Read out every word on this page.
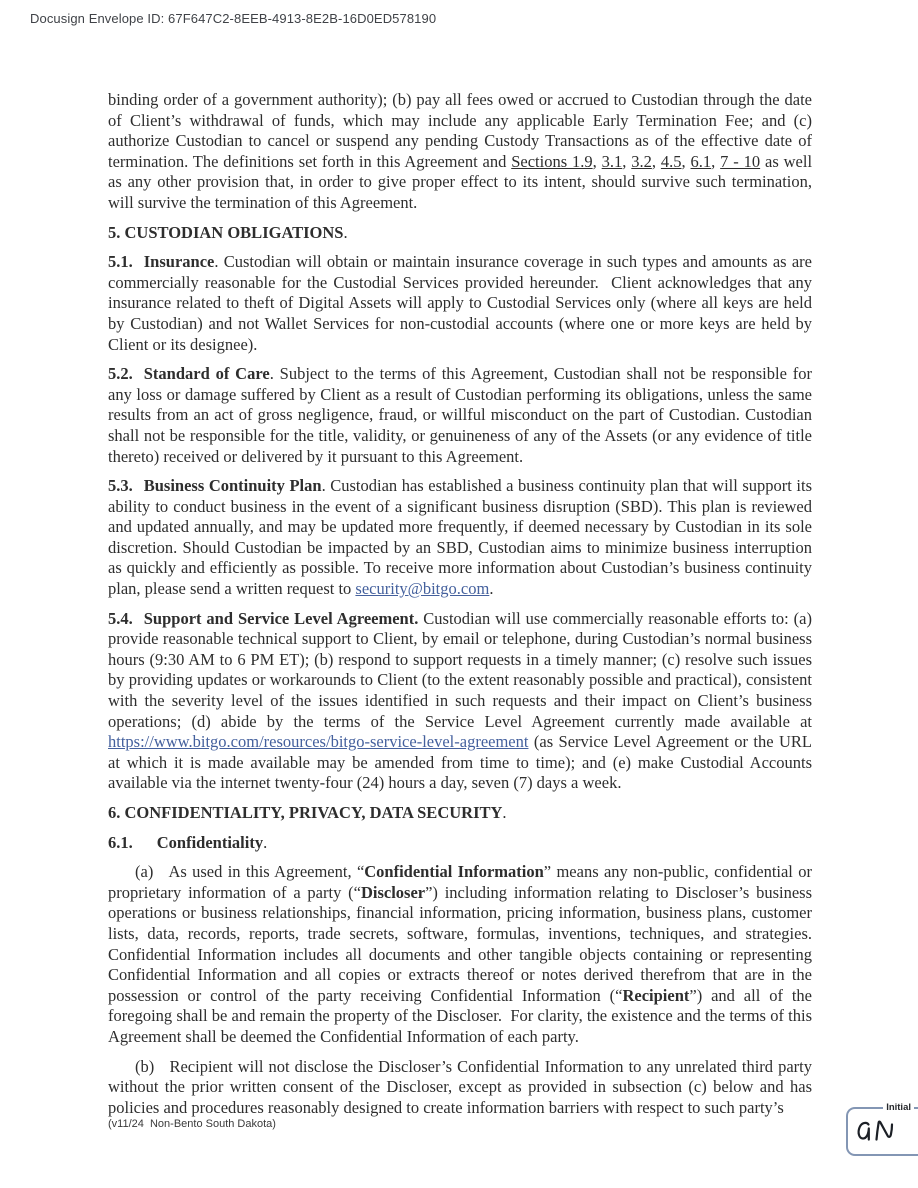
Docusign Envelope ID: 67F647C2-8EEB-4913-8E2B-16D0ED578190

binding order of a government authority); (b) pay all fees owed or accrued to Custodian through the date of Client’s withdrawal of funds, which may include any applicable Early Termination Fee; and (c) authorize Custodian to cancel or suspend any pending Custody Transactions as of the effective date of termination. The definitions set forth in this Agreement and Sections 1.9, 3.1, 3.2, 4.5, 6.1, 7 - 10 as well as any other provision that, in order to give proper effect to its intent, should survive such termination, will survive the termination of this Agreement.

5. CUSTODIAN OBLIGATIONS.

5.1. Insurance. Custodian will obtain or maintain insurance coverage in such types and amounts as are commercially reasonable for the Custodial Services provided hereunder.  Client acknowledges that any insurance related to theft of Digital Assets will apply to Custodial Services only (where all keys are held by Custodian) and not Wallet Services for non-custodial accounts (where one or more keys are held by Client or its designee).

5.2. Standard of Care. Subject to the terms of this Agreement, Custodian shall not be responsible for any loss or damage suffered by Client as a result of Custodian performing its obligations, unless the same results from an act of gross negligence, fraud, or willful misconduct on the part of Custodian. Custodian shall not be responsible for the title, validity, or genuineness of any of the Assets (or any evidence of title thereto) received or delivered by it pursuant to this Agreement.

5.3. Business Continuity Plan. Custodian has established a business continuity plan that will support its ability to conduct business in the event of a significant business disruption (SBD). This plan is reviewed and updated annually, and may be updated more frequently, if deemed necessary by Custodian in its sole discretion. Should Custodian be impacted by an SBD, Custodian aims to minimize business interruption as quickly and efficiently as possible. To receive more information about Custodian’s business continuity plan, please send a written request to security@bitgo.com.

5.4. Support and Service Level Agreement. Custodian will use commercially reasonable efforts to: (a) provide reasonable technical support to Client, by email or telephone, during Custodian’s normal business hours (9:30 AM to 6 PM ET); (b) respond to support requests in a timely manner; (c) resolve such issues by providing updates or workarounds to Client (to the extent reasonably possible and practical), consistent with the severity level of the issues identified in such requests and their impact on Client’s business operations; (d) abide by the terms of the Service Level Agreement currently made available at https://www.bitgo.com/resources/bitgo-service-level-agreement (as Service Level Agreement or the URL at which it is made available may be amended from time to time); and (e) make Custodial Accounts available via the internet twenty-four (24) hours a day, seven (7) days a week.

6. CONFIDENTIALITY, PRIVACY, DATA SECURITY.

6.1. Confidentiality.

(a)   As used in this Agreement, “Confidential Information” means any non-public, confidential or proprietary information of a party (“Discloser”) including information relating to Discloser’s business operations or business relationships, financial information, pricing information, business plans, customer lists, data, records, reports, trade secrets, software, formulas, inventions, techniques, and strategies. Confidential Information includes all documents and other tangible objects containing or representing Confidential Information and all copies or extracts thereof or notes derived therefrom that are in the possession or control of the party receiving Confidential Information (“Recipient”) and all of the foregoing shall be and remain the property of the Discloser.  For clarity, the existence and the terms of this Agreement shall be deemed the Confidential Information of each party.

(b)   Recipient will not disclose the Discloser’s Confidential Information to any unrelated third party without the prior written consent of the Discloser, except as provided in subsection (c) below and has policies and procedures reasonably designed to create information barriers with respect to such party’s

(v11/24  Non-Bento South Dakota)
Initial
